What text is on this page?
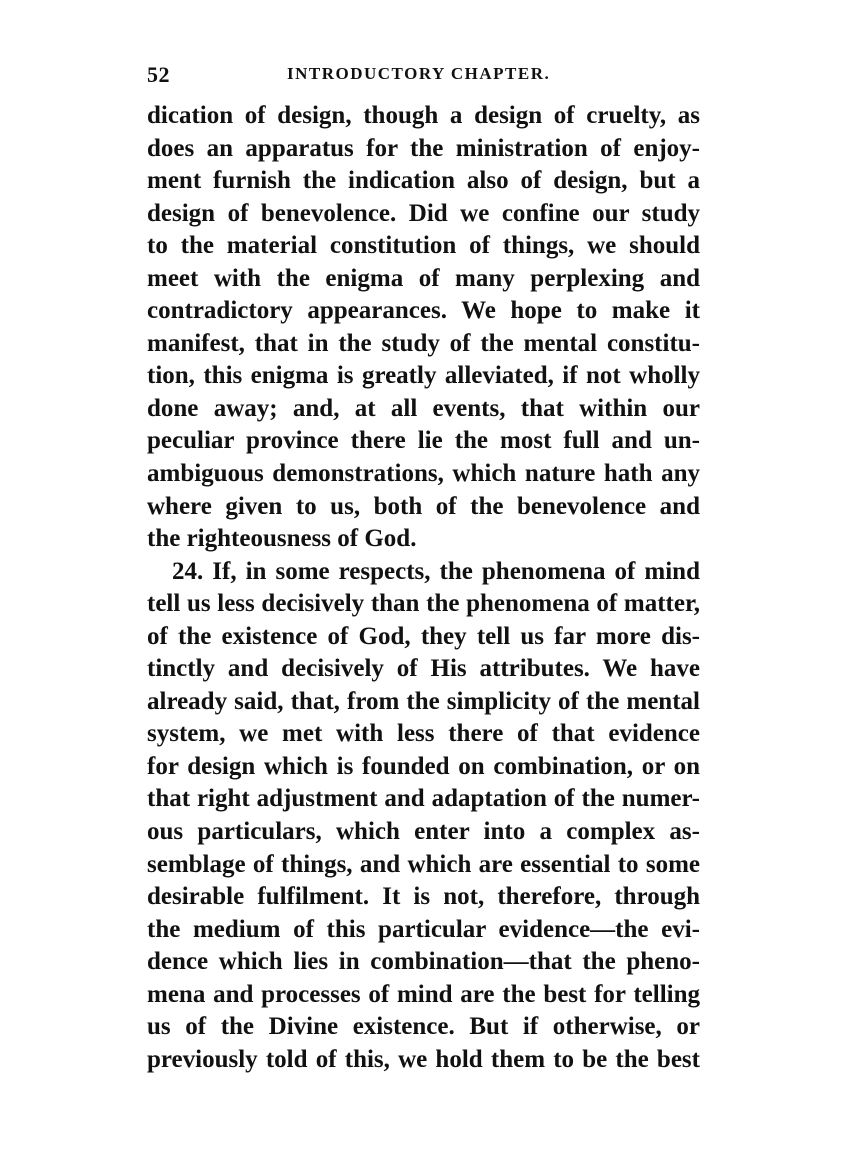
52	INTRODUCTORY CHAPTER.
dication of design, though a design of cruelty, as
does an apparatus for the ministration of enjoy-
ment furnish the indication also of design, but a
design of benevolence. Did we confine our study
to the material constitution of things, we should
meet with the enigma of many perplexing and
contradictory appearances. We hope to make it
manifest, that in the study of the mental constitu-
tion, this enigma is greatly alleviated, if not wholly
done away; and, at all events, that within our
peculiar province there lie the most full and un-
ambiguous demonstrations, which nature hath any
where given to us, both of the benevolence and
the righteousness of God.
24. If, in some respects, the phenomena of mind
tell us less decisively than the phenomena of matter,
of the existence of God, they tell us far more dis-
tinctly and decisively of His attributes. We have
already said, that, from the simplicity of the mental
system, we met with less there of that evidence
for design which is founded on combination, or on
that right adjustment and adaptation of the numer-
ous particulars, which enter into a complex as-
semblage of things, and which are essential to some
desirable fulfilment. It is not, therefore, through
the medium of this particular evidence—the evi-
dence which lies in combination—that the pheno-
mena and processes of mind are the best for telling
us of the Divine existence. But if otherwise, or
previously told of this, we hold them to be the best
